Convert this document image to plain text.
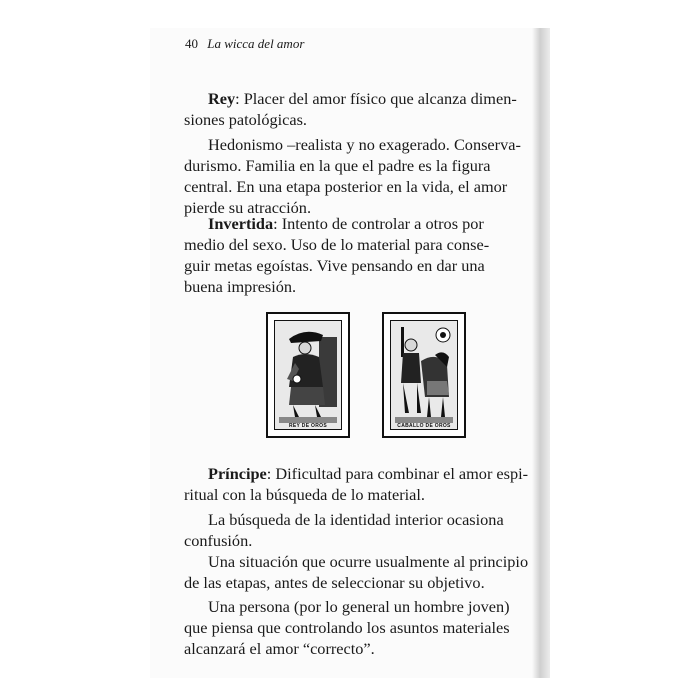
40 La wicca del amor

Rey: Placer del amor físico que alcanza dimen-
siones patológicas.

Hedonismo –realista y no exagerado. Conserva-
durismo. Familia en la que el padre es la figura
central. En una etapa posterior en la vida, el amor
pierde su atracción.

Invertida: Intento de controlar a otros por
medio del sexo. Uso de lo material para conse-
guir metas egoístas. Vive pensando en dar una
buena impresión.

REY DE OROS	CABALLO DE OROS

Príncipe: Dificultad para combinar el amor espi-
ritual con la búsqueda de lo material.

La búsqueda de la identidad interior ocasiona
confusión.

Una situación que ocurre usualmente al principio
de las etapas, antes de seleccionar su objetivo.

Una persona (por lo general un hombre joven)
que piensa que controlando los asuntos materiales
alcanzará el amor “correcto”.
